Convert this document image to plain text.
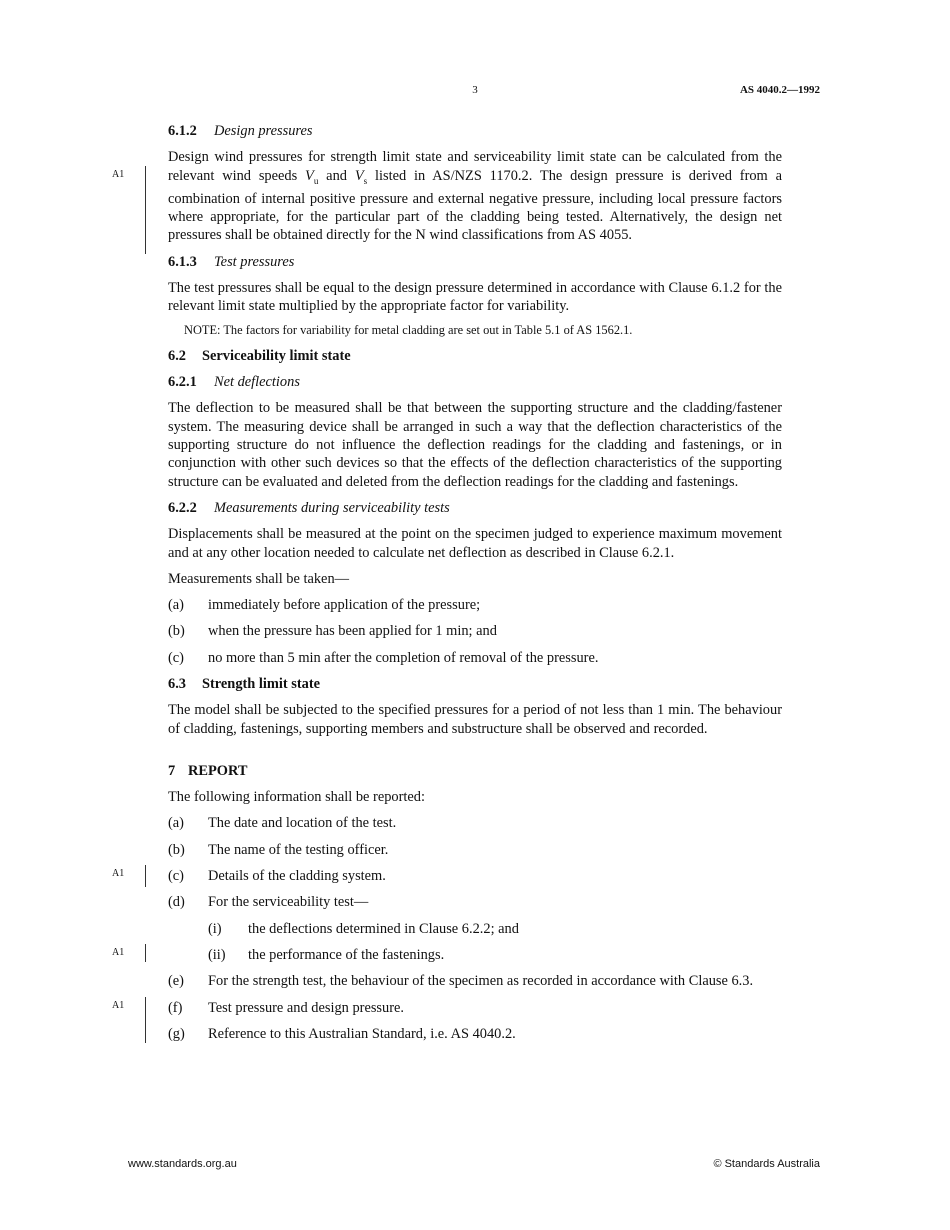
3	AS 4040.2—1992
6.1.2 Design pressures
A1

Design wind pressures for strength limit state and serviceability limit state can be calculated from the relevant wind speeds $V_u$ and $V_s$ listed in AS/NZS 1170.2. The design pressure is derived from a combination of internal positive pressure and external negative pressure, including local pressure factors where appropriate, for the particular part of the cladding being tested. Alternatively, the design net pressures shall be obtained directly for the N wind classifications from AS 4055.

6.1.3 Test pressures

The test pressures shall be equal to the design pressure determined in accordance with Clause 6.1.2 for the relevant limit state multiplied by the appropriate factor for variability.

NOTE: The factors for variability for metal cladding are set out in Table 5.1 of AS 1562.1.
6.2 Serviceability limit state
6.2.1 Net deflections

The deflection to be measured shall be that between the supporting structure and the cladding/fastener system. The measuring device shall be arranged in such a way that the deflection characteristics of the supporting structure do not influence the deflection readings for the cladding and fastenings, or in conjunction with other such devices so that the effects of the deflection characteristics of the supporting structure can be evaluated and deleted from the deflection readings for the cladding and fastenings.

6.2.2 Measurements during serviceability tests

Displacements shall be measured at the point on the specimen judged to experience maximum movement and at any other location needed to calculate net deflection as described in Clause 6.2.1.

Measurements shall be taken—

(a)	immediately before application of the pressure;
(b)	when the pressure has been applied for 1 min; and
(c)	no more than 5 min after the completion of removal of the pressure.
6.3 Strength limit state

The model shall be subjected to the specified pressures for a period of not less than 1 min. The behaviour of cladding, fastenings, supporting members and substructure shall be observed and recorded.

7 REPORT

The following information shall be reported:

(a)	The date and location of the test.
(b)	The name of the testing officer.
A1	(c)	Details of the cladding system.
(d)	For the serviceability test—
(i)	the deflections determined in Clause 6.2.2; and
A1	(ii)	the performance of the fastenings.
(e)	For the strength test, the behaviour of the specimen as recorded in accordance with Clause 6.3.
A1	(f)	Test pressure and design pressure.
(g)	Reference to this Australian Standard, i.e. AS 4040.2.
www.standards.org.au	© Standards Australia
